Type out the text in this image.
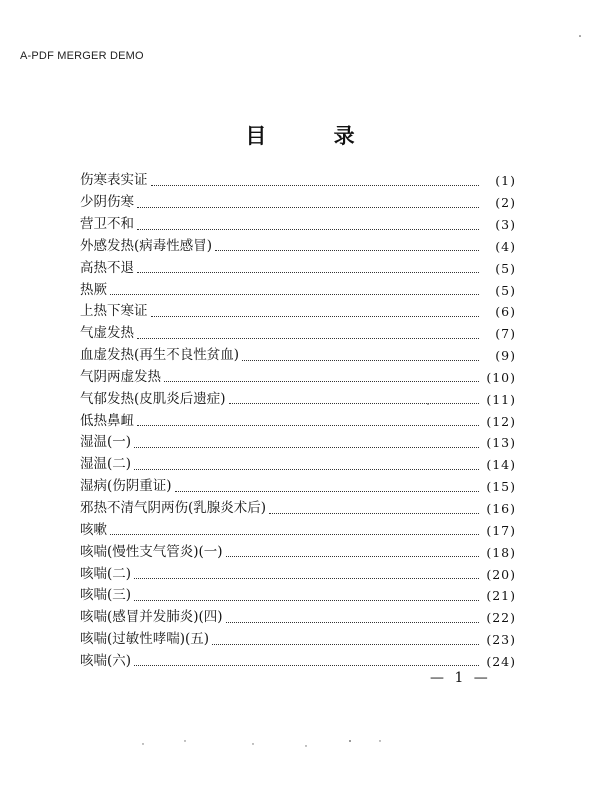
A-PDF MERGER DEMO
目 录
伤寒表实证	(1)
少阴伤寒	(2)
营卫不和	(3)
外感发热(病毒性感冒)	(4)
高热不退	(5)
热厥	(5)
上热下寒证	(6)
气虚发热	(7)
血虚发热(再生不良性贫血)	(9)
气阴两虚发热	(10)
气郁发热(皮肌炎后遗症)	(11)
低热鼻衄	(12)
湿温(一)	(13)
湿温(二)	(14)
湿病(伤阴重证)	(15)
邪热不清气阴两伤(乳腺炎术后)	(16)
咳嗽	(17)
咳喘(慢性支气管炎)(一)	(18)
咳喘(二)	(20)
咳喘(三)	(21)
咳喘(感冒并发肺炎)(四)	(22)
咳喘(过敏性哮喘)(五)	(23)
咳喘(六)	(24)
— 1 —
